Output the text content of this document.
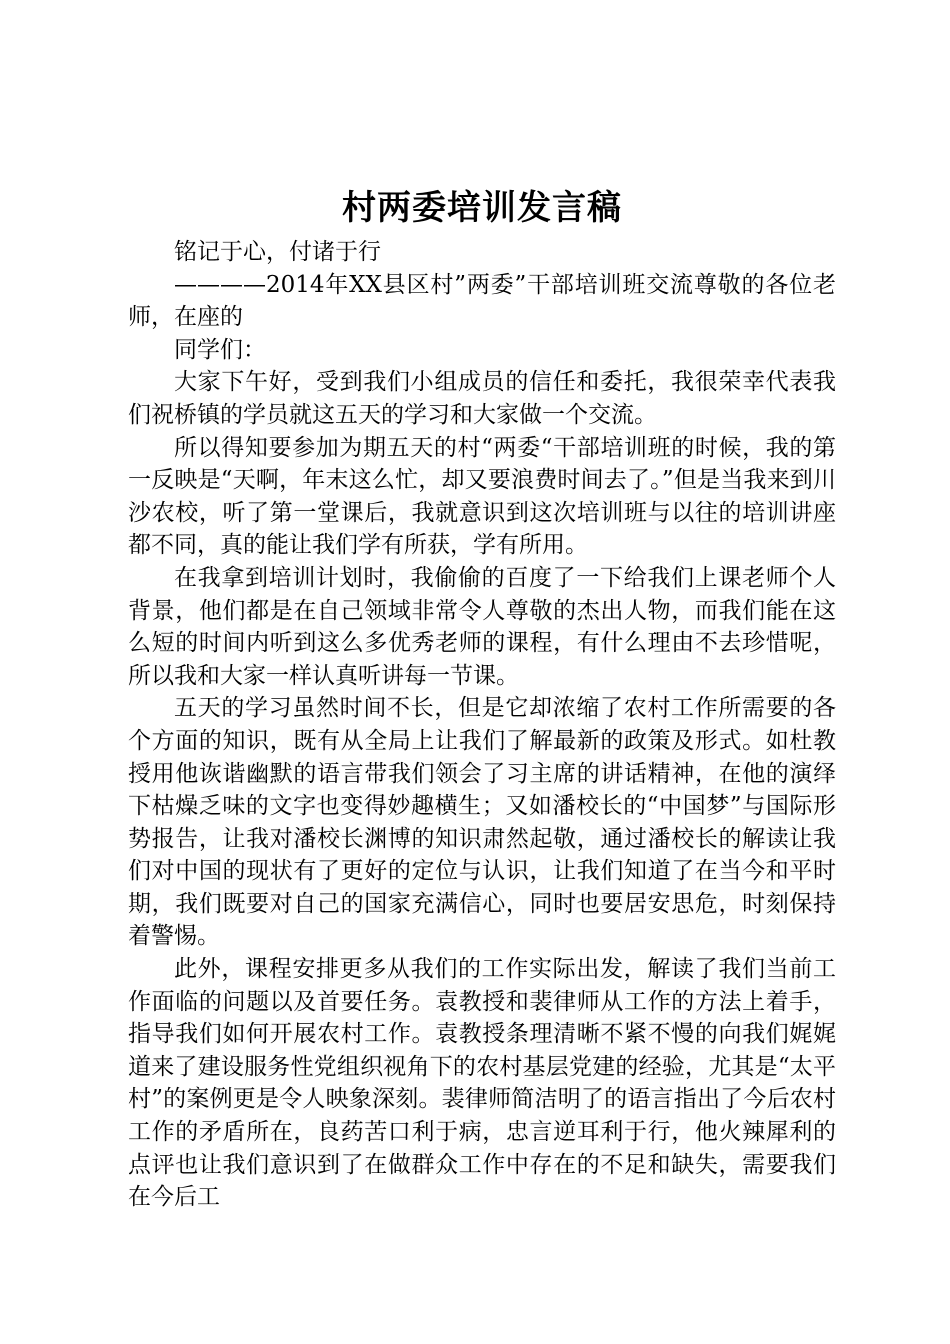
村两委培训发言稿

铭记于心，付诸于行

————2014年XX县区村”两委”干部培训班交流尊敬的各位老师，在座的

同学们：

大家下午好，受到我们小组成员的信任和委托，我很荣幸代表我们祝桥镇的学员就这五天的学习和大家做一个交流。

所以得知要参加为期五天的村“两委“干部培训班的时候，我的第一反映是“天啊，年末这么忙，却又要浪费时间去了。”但是当我来到川沙农校，听了第一堂课后，我就意识到这次培训班与以往的培训讲座都不同，真的能让我们学有所获，学有所用。

在我拿到培训计划时，我偷偷的百度了一下给我们上课老师个人背景，他们都是在自己领域非常令人尊敬的杰出人物，而我们能在这么短的时间内听到这么多优秀老师的课程，有什么理由不去珍惜呢，所以我和大家一样认真听讲每一节课。

五天的学习虽然时间不长，但是它却浓缩了农村工作所需要的各个方面的知识，既有从全局上让我们了解最新的政策及形式。如杜教授用他诙谐幽默的语言带我们领会了习主席的讲话精神，在他的演绎下枯燥乏味的文字也变得妙趣横生；又如潘校长的“中国梦”与国际形势报告，让我对潘校长渊博的知识肃然起敬，通过潘校长的解读让我们对中国的现状有了更好的定位与认识，让我们知道了在当今和平时期，我们既要对自己的国家充满信心，同时也要居安思危，时刻保持着警惕。

此外，课程安排更多从我们的工作实际出发，解读了我们当前工作面临的问题以及首要任务。袁教授和裴律师从工作的方法上着手，指导我们如何开展农村工作。袁教授条理清晰不紧不慢的向我们娓娓道来了建设服务性党组织视角下的农村基层党建的经验，尤其是“太平村”的案例更是令人映象深刻。裴律师简洁明了的语言指出了今后农村工作的矛盾所在，良药苦口利于病，忠言逆耳利于行，他火辣犀利的点评也让我们意识到了在做群众工作中存在的不足和缺失，需要我们在今后工
